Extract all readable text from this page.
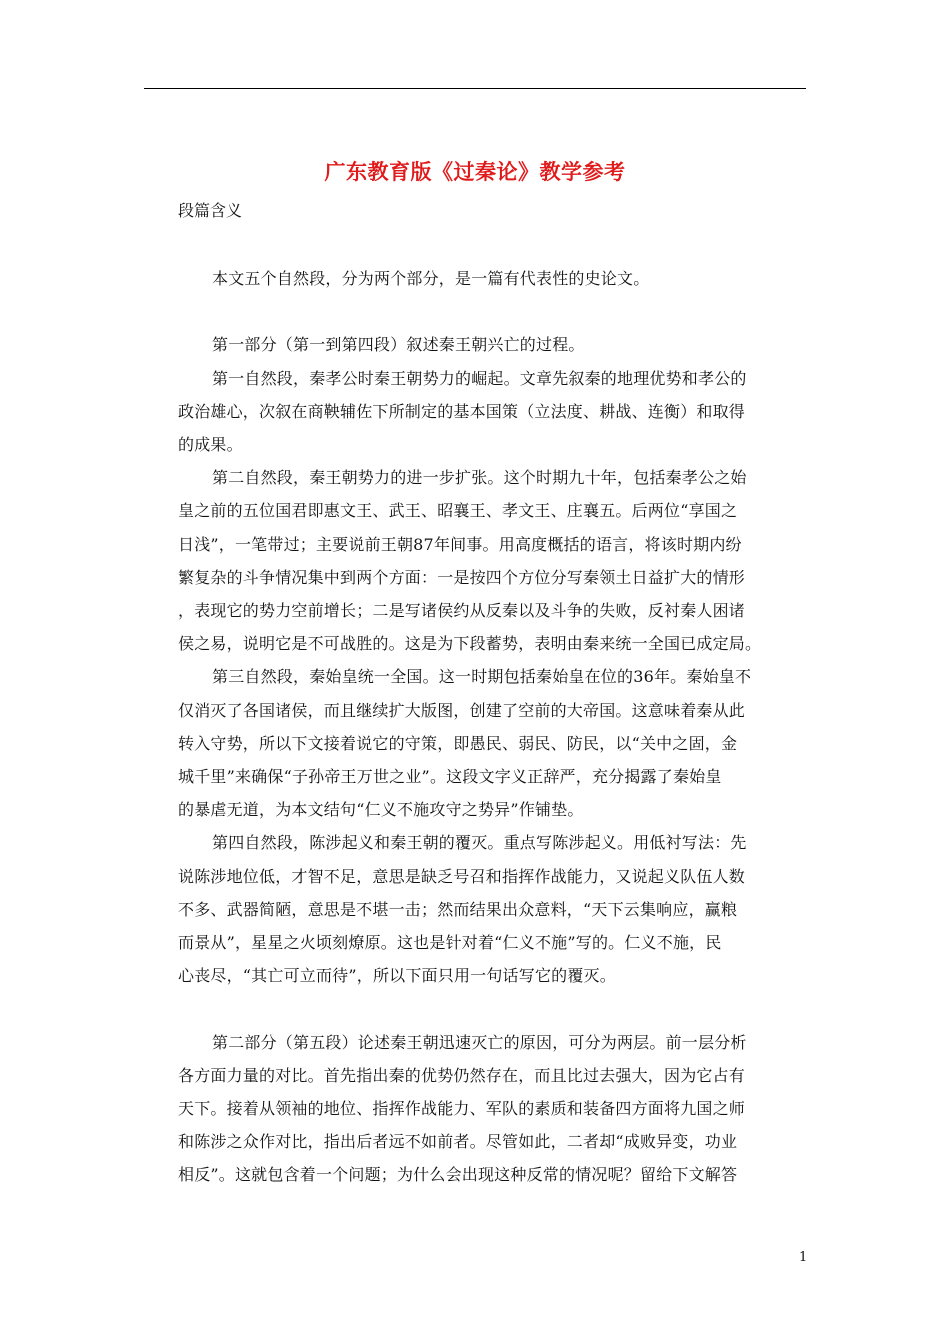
广东教育版《过秦论》教学参考
段篇含义
本文五个自然段，分为两个部分，是一篇有代表性的史论文。
第一部分（第一到第四段）叙述秦王朝兴亡的过程。
第一自然段，秦孝公时秦王朝势力的崛起。文章先叙秦的地理优势和孝公的
政治雄心，次叙在商鞅辅佐下所制定的基本国策（立法度、耕战、连衡）和取得
的成果。
第二自然段，秦王朝势力的进一步扩张。这个时期九十年，包括秦孝公之始
皇之前的五位国君即惠文王、武王、昭襄王、孝文王、庄襄五。后两位“享国之
日浅”，一笔带过；主要说前王朝87年间事。用高度概括的语言，将该时期内纷
繁复杂的斗争情况集中到两个方面：一是按四个方位分写秦领土日益扩大的情形
，表现它的势力空前增长；二是写诸侯约从反秦以及斗争的失败，反衬秦人困诸
侯之易，说明它是不可战胜的。这是为下段蓄势，表明由秦来统一全国已成定局。
第三自然段，秦始皇统一全国。这一时期包括秦始皇在位的36年。秦始皇不
仅消灭了各国诸侯，而且继续扩大版图，创建了空前的大帝国。这意味着秦从此
转入守势，所以下文接着说它的守策，即愚民、弱民、防民，以“关中之固，金
城千里”来确保“子孙帝王万世之业”。这段文字义正辞严，充分揭露了秦始皇
的暴虐无道，为本文结句“仁义不施攻守之势异”作铺垫。
第四自然段，陈涉起义和秦王朝的覆灭。重点写陈涉起义。用低衬写法：先
说陈涉地位低，才智不足，意思是缺乏号召和指挥作战能力，又说起义队伍人数
不多、武器简陋，意思是不堪一击；然而结果出众意料，“天下云集响应，赢粮
而景从”，星星之火顷刻燎原。这也是针对着“仁义不施”写的。仁义不施，民
心丧尽，“其亡可立而待”，所以下面只用一句话写它的覆灭。
第二部分（第五段）论述秦王朝迅速灭亡的原因，可分为两层。前一层分析
各方面力量的对比。首先指出秦的优势仍然存在，而且比过去强大，因为它占有
天下。接着从领袖的地位、指挥作战能力、军队的素质和装备四方面将九国之师
和陈涉之众作对比，指出后者远不如前者。尽管如此，二者却“成败异变，功业
相反”。这就包含着一个问题；为什么会出现这种反常的情况呢？留给下文解答
1
